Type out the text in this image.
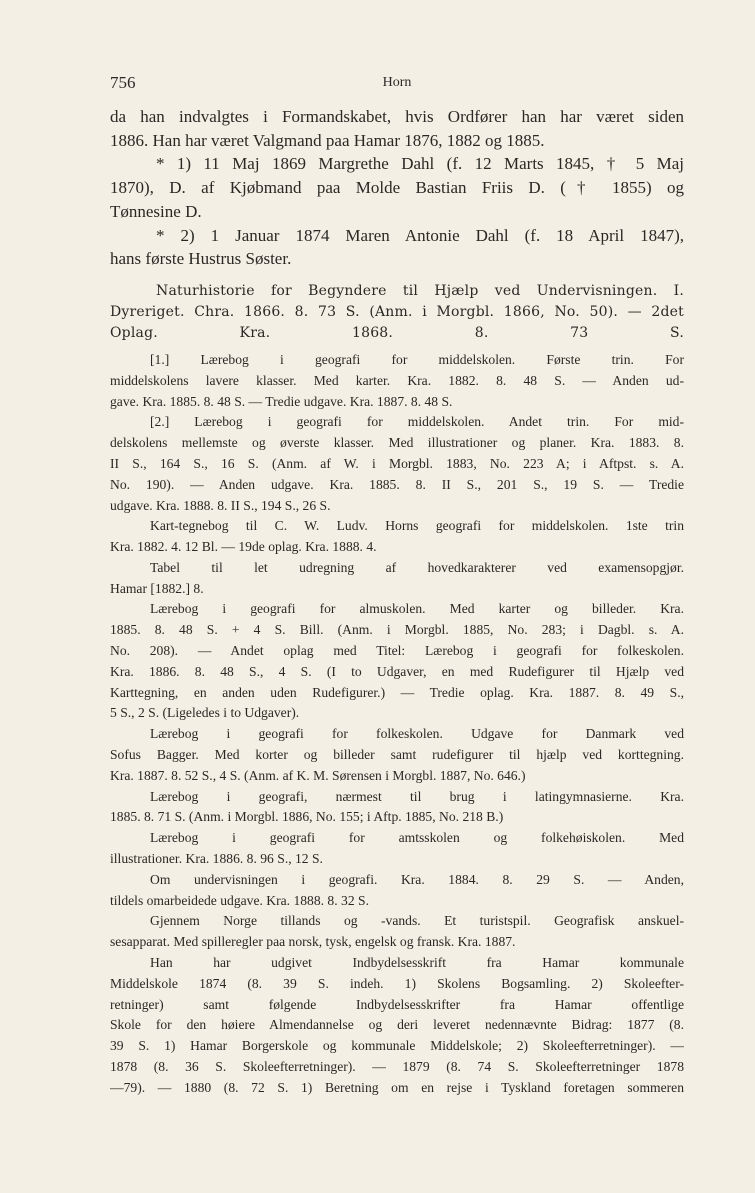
756	Horn
da han indvalgtes i Formandskabet, hvis Ordfører han har været siden
1886. Han har været Valgmand paa Hamar 1876, 1882 og 1885.
* 1) 11 Maj 1869 Margrethe Dahl (f. 12 Marts 1845, † 5 Maj
1870), D. af Kjøbmand paa Molde Bastian Friis D. († 1855) og
Tønnesine D.
* 2) 1 Januar 1874 Maren Antonie Dahl (f. 18 April 1847),
hans første Hustrus Søster.
Naturhistorie for Begyndere til Hjælp ved Undervisningen. I.
Dyreriget. Chra. 1866. 8. 73 S. (Anm. i Morgbl. 1866, No. 50). — 2det
Oplag. Kra. 1868. 8. 73 S.
[1.] Lærebog i geografi for middelskolen. Første trin. For
middelskolens lavere klasser. Med karter. Kra. 1882. 8. 48 S. — Anden ud-
gave. Kra. 1885. 8. 48 S. — Tredie udgave. Kra. 1887. 8. 48 S.
[2.] Lærebog i geografi for middelskolen. Andet trin. For mid-
delskolens mellemste og øverste klasser. Med illustrationer og planer. Kra. 1883. 8.
II S., 164 S., 16 S. (Anm. af W. i Morgbl. 1883, No. 223 A; i Aftpst. s. A.
No. 190). — Anden udgave. Kra. 1885. 8. II S., 201 S., 19 S. — Tredie
udgave. Kra. 1888. 8. II S., 194 S., 26 S.
Kart-tegnebog til C. W. Ludv. Horns geografi for middelskolen. 1ste trin
Kra. 1882. 4. 12 Bl. — 19de oplag. Kra. 1888. 4.
Tabel til let udregning af hovedkarakterer ved examensopgjør.
Hamar [1882.] 8.
Lærebog i geografi for almuskolen. Med karter og billeder. Kra.
1885. 8. 48 S. + 4 S. Bill. (Anm. i Morgbl. 1885, No. 283; i Dagbl. s. A.
No. 208). — Andet oplag med Titel: Lærebog i geografi for folkeskolen.
Kra. 1886. 8. 48 S., 4 S. (I to Udgaver, en med Rudefigurer til Hjælp ved
Karttegning, en anden uden Rudefigurer.) — Tredie oplag. Kra. 1887. 8. 49 S.,
5 S., 2 S. (Ligeledes i to Udgaver).
Lærebog i geografi for folkeskolen. Udgave for Danmark ved
Sofus Bagger. Med korter og billeder samt rudefigurer til hjælp ved korttegning.
Kra. 1887. 8. 52 S., 4 S. (Anm. af K. M. Sørensen i Morgbl. 1887, No. 646.)
Lærebog i geografi, nærmest til brug i latingymnasierne. Kra.
1885. 8. 71 S. (Anm. i Morgbl. 1886, No. 155; i Aftp. 1885, No. 218 B.)
Lærebog i geografi for amtsskolen og folkehøiskolen. Med
illustrationer. Kra. 1886. 8. 96 S., 12 S.
Om undervisningen i geografi. Kra. 1884. 8. 29 S. — Anden,
tildels omarbeidede udgave. Kra. 1888. 8. 32 S.
Gjennem Norge tillands og -vands. Et turistspil. Geografisk anskuel-
sesapparat. Med spilleregler paa norsk, tysk, engelsk og fransk. Kra. 1887.
Han har udgivet Indbydelsesskrift fra Hamar kommunale
Middelskole 1874 (8. 39 S. indeh. 1) Skolens Bogsamling. 2) Skoleefter-
retninger) samt følgende Indbydelsesskrifter fra Hamar offentlige
Skole for den høiere Almendannelse og deri leveret nedennævnte Bidrag: 1877 (8.
39 S. 1) Hamar Borgerskole og kommunale Middelskole; 2) Skoleefterretninger). —
1878 (8. 36 S. Skoleefterretninger). — 1879 (8. 74 S. Skoleefterretninger 1878
—79). — 1880 (8. 72 S. 1) Beretning om en rejse i Tyskland foretagen sommeren
